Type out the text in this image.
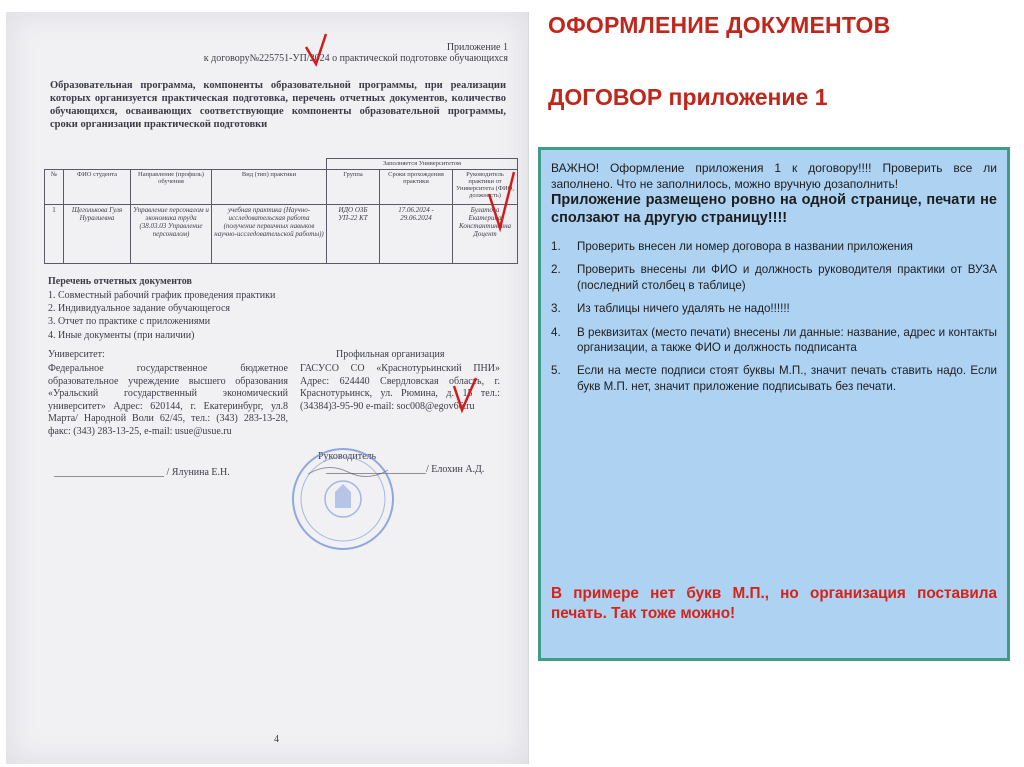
Приложение 1
к договору№225751-УП/2024 о практической подготовке обучающихся
Образовательная программа, компоненты образовательной программы, при реализации которых организуется практическая подготовка, перечень отчетных документов, количество обучающихся, осваивающих соответствующие компоненты образовательной программы, сроки организации практической подготовки
				Заполняется Университетом		
№	ФИО студента	Направление (профиль) обучения	Вид (тип) практики	Группа	Сроки прохождения практики	Руководитель практики от Университета (ФИО, должность)
1	Щеголькова Гуля Нуралиевна	Управление персоналом и экономика труда (38.03.03 Управление персоналом)	учебная практика (Научно-исследовательская работа (получение первичных навыков научно-исследовательской работы))	ИДО ОЗБ УП-22 КТ	17.06.2024 - 29.06.2024	Булатова Екатерина Константиновна Доцент
Перечень отчетных документов
1. Совместный рабочий график проведения практики
2. Индивидуальное задание обучающегося
3. Отчет по практике с приложениями
4. Иные документы (при наличии)
Университет:
Федеральное государственное бюджетное образовательное учреждение высшего образования «Уральский государственный экономический университет» Адрес: 620144, г. Екатеринбург, ул.8 Марта/ Народной Воли 62/45, тел.: (343) 283-13-28, факс: (343) 283-13-25, e-mail: usue@usue.ru
Профильная организация
ГАСУСО СО «Краснотурьинский ПНИ» Адрес: 624440 Свердловская область, г. Краснотурьинск, ул. Рюмина, д. 15 тел.: (34384)3-95-90 e-mail: soc008@egov66.ru
Руководитель
______________________ / Ялунина Е.Н.	____________________/ Елохин А.Д.
4
ОФОРМЛЕНИЕ ДОКУМЕНТОВ
ДОГОВОР приложение 1

ВАЖНО! Оформление приложения 1 к договору!!!! Проверить все ли заполнено. Что не заполнилось, можно вручную дозаполнить!

Приложение размещено ровно на одной странице, печати не сползают на другую страницу!!!!

1. Проверить внесен ли номер договора в названии приложения
2. Проверить внесены ли ФИО и должность руководителя практики от ВУЗА (последний столбец в таблице)
3. Из таблицы ничего удалять не надо!!!!!!
4. В реквизитах (место печати) внесены ли данные: название, адрес и контакты организации, а также ФИО и должность подписанта
5. Если на месте подписи стоят буквы М.П., значит печать ставить надо. Если букв М.П. нет, значит приложение подписывать без печати.

В примере нет букв М.П., но организация поставила печать. Так тоже можно!
